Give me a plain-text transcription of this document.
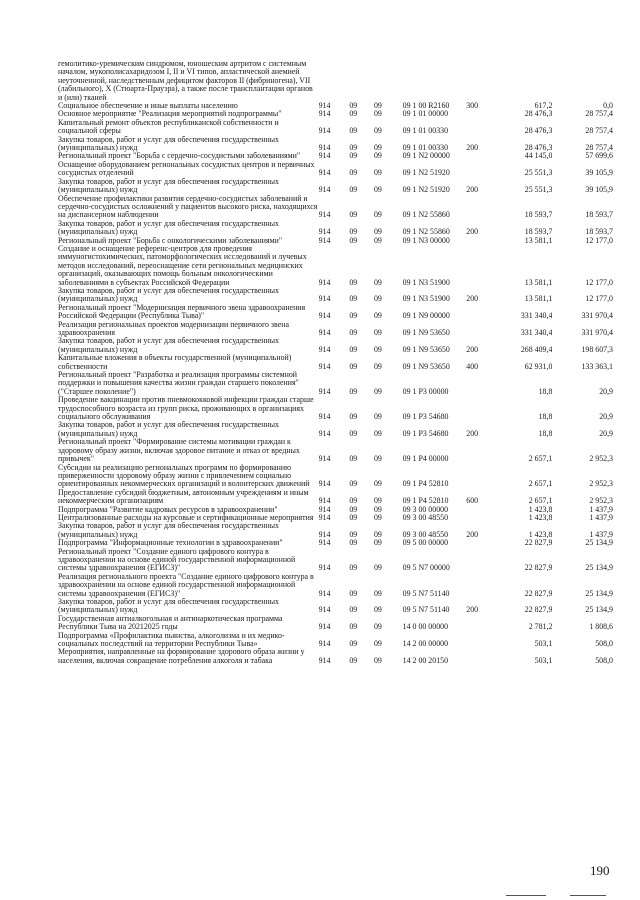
гемолитико-уремическим синдромом, юношеским артритом с системным началом, мукополисахаридозом I, II и VI типов, апластической анемией неуточненной, наследственным дефицитом факторов II (фибриногена), VII (лабильного), X (Стюарта-Прауэра), а также после трансплантации органов и (или) тканей							
Социальное обеспечение и иные выплаты населению	914	09	09	09 1 00 R2160	300	617,2	0,0
Основное мероприятие "Реализация мероприятий подпрограммы"	914	09	09	09 1 01 00000		28 476,3	28 757,4
Капитальный ремонт объектов республиканской собственности и социальной сферы	914	09	09	09 1 01 00330		28 476,3	28 757,4
Закупка товаров, работ и услуг для обеспечения государственных (муниципальных) нужд	914	09	09	09 1 01 00330	200	28 476,3	28 757,4
Региональный проект "Борьба с сердечно-сосудистыми заболеваниями"	914	09	09	09 1 N2 00000		44 145,0	57 699,6
Оснащение оборудованием региональных сосудистых центров и первичных сосудистых отделений	914	09	09	09 1 N2 51920		25 551,3	39 105,9
Закупка товаров, работ и услуг для обеспечения государственных (муниципальных) нужд	914	09	09	09 1 N2 51920	200	25 551,3	39 105,9
Обеспечение профилактики развития сердечно-сосудистых заболеваний и сердечно-сосудистых осложнений у пациентов высокого риска, находящихся на диспансерном наблюдении	914	09	09	09 1 N2 55860		18 593,7	18 593,7
Закупка товаров, работ и услуг для обеспечения государственных (муниципальных) нужд	914	09	09	09 1 N2 55860	200	18 593,7	18 593,7
Региональный проект "Борьба с онкологическими заболеваниями"	914	09	09	09 1 N3 00000		13 581,1	12 177,0
Создание и оснащение референс-центров для проведения иммуногистохимических, патоморфологических исследований и лучевых методов исследований, переоснащение сети региональных медицинских организаций, оказывающих помощь больным онкологическими заболеваниями в субъектах Российской Федерации	914	09	09	09 1 N3 51900		13 581,1	12 177,0
Закупка товаров, работ и услуг для обеспечения государственных (муниципальных) нужд	914	09	09	09 1 N3 51900	200	13 581,1	12 177,0
Региональный проект "Модернизация первичного звена здравоохранения Российской Федерации (Республика Тыва)"	914	09	09	09 1 N9 00000		331 340,4	331 970,4
Реализация региональных проектов модернизации первичного звена здравоохранения	914	09	09	09 1 N9 53650		331 340,4	331 970,4
Закупка товаров, работ и услуг для обеспечения государственных (муниципальных) нужд	914	09	09	09 1 N9 53650	200	268 409,4	198 607,3
Капитальные вложения в объекты государственной (муниципальной) собственности	914	09	09	09 1 N9 53650	400	62 931,0	133 363,1
Региональный проект "Разработка и реализация программы системной поддержки и повышения качества жизни граждан старшего поколения" ("Старшее поколение")	914	09	09	09 1 P3 00000		18,8	20,9
Проведение вакцинации против пневмококковой инфекции граждан старше трудоспособного возраста из групп риска, проживающих в организациях социального обслуживания	914	09	09	09 1 P3 54680		18,8	20,9
Закупка товаров, работ и услуг для обеспечения государственных (муниципальных) нужд	914	09	09	09 1 P3 54680	200	18,8	20,9
Региональный проект "Формирование системы мотивации граждан к здоровому образу жизни, включая здоровое питание и отказ от вредных привычек"	914	09	09	09 1 P4 00000		2 657,1	2 952,3
Субсидии на реализацию региональных программ по формированию приверженности здоровому образу жизни с привлечением социально ориентированных некоммерческих организаций и волонтерских движений	914	09	09	09 1 P4 52810		2 657,1	2 952,3
Предоставление субсидий бюджетным, автономным учреждениям и иным некоммерческим организациям	914	09	09	09 1 P4 52810	600	2 657,1	2 952,3
Подпрограмма "Развитие кадровых ресурсов в здравоохранении"	914	09	09	09 3 00 00000		1 423,8	1 437,9
Централизованные расходы на курсовые и сертификационные мероприятия	914	09	09	09 3 00 48550		1 423,8	1 437,9
Закупка товаров, работ и услуг для обеспечения государственных (муниципальных) нужд	914	09	09	09 3 00 48550	200	1 423,8	1 437,9
Подпрограмма "Информационные технологии в здравоохранении"	914	09	09	09 5 00 00000		22 827,9	25 134,9
Региональный проект "Создание единого цифрового контура в здравоохранении на основе единой государственной информационной системы здравоохранения (ЕГИСЗ)"	914	09	09	09 5 N7 00000		22 827,9	25 134,9
Реализация регионального проекта "Создание единого цифрового контура в здравоохранении на основе единой государственной информационной системы здравоохранения (ЕГИСЗ)"	914	09	09	09 5 N7 51140		22 827,9	25 134,9
Закупка товаров, работ и услуг для обеспечения государственных (муниципальных) нужд	914	09	09	09 5 N7 51140	200	22 827,9	25 134,9
Государственная антиалкогольная и антинаркотическая программа Республики Тыва на 20212025 годы	914	09	09	14 0 00 00000		2 781,2	1 808,6
Подпрограмма «Профилактика пьянства, алкоголизма и их медико-социальных последствий на территории Республики Тыва»	914	09	09	14 2 00 00000		503,1	508,0
Мероприятия, направленные на формирование здорового образа жизни у населения, включая сокращение потребления алкоголя и табака	914	09	09	14 2 00 20150		503,1	508,0
190
